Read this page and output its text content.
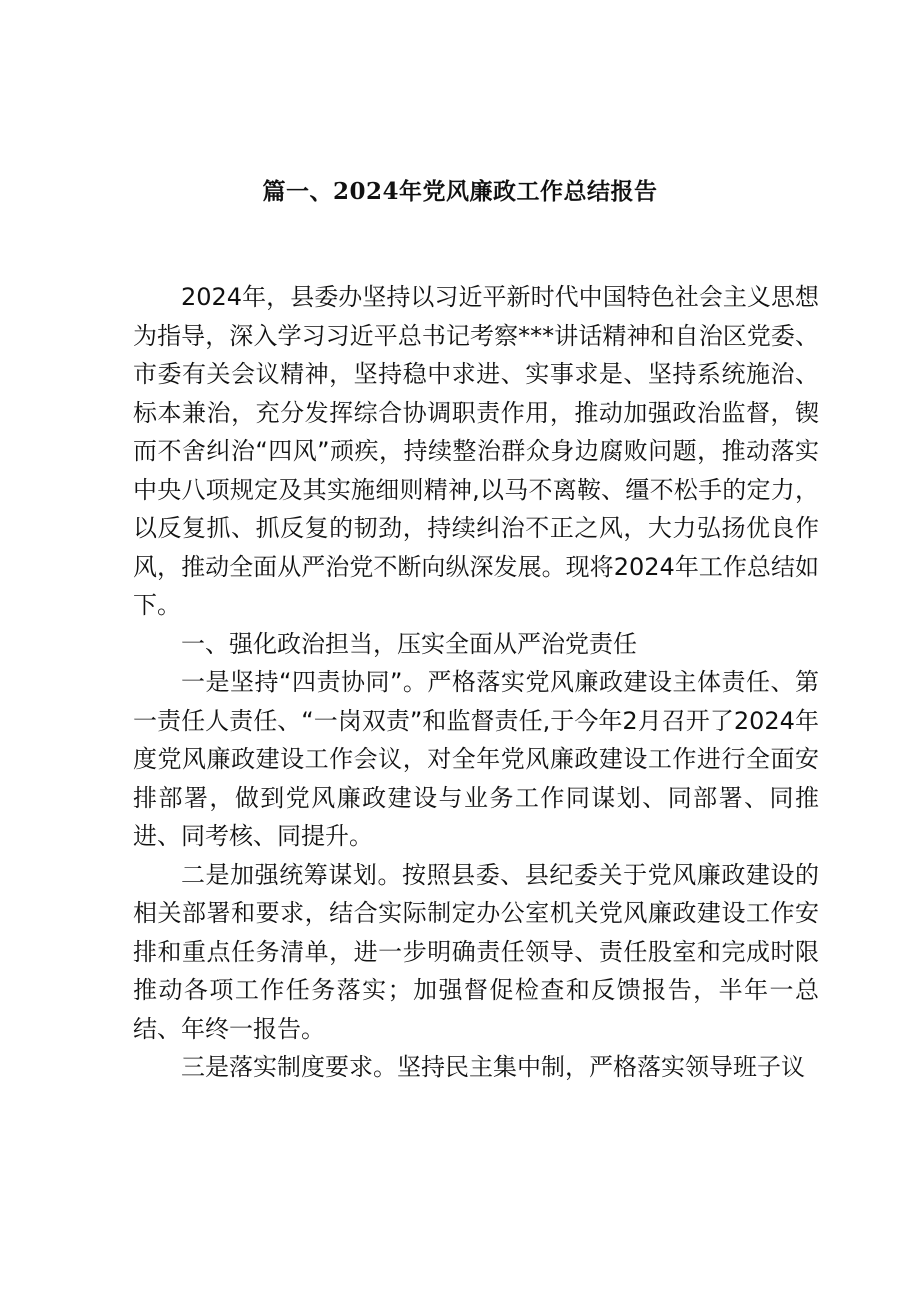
篇一、2024年党风廉政工作总结报告

2024年，县委办坚持以习近平新时代中国特色社会主义思想为指导，深入学习习近平总书记考察***讲话精神和自治区党委、市委有关会议精神，坚持稳中求进、实事求是、坚持系统施治、标本兼治，充分发挥综合协调职责作用，推动加强政治监督，锲而不舍纠治“四风”顽疾，持续整治群众身边腐败问题，推动落实中央八项规定及其实施细则精神,以马不离鞍、缰不松手的定力，以反复抓、抓反复的韧劲，持续纠治不正之风，大力弘扬优良作风，推动全面从严治党不断向纵深发展。现将2024年工作总结如下。

一、强化政治担当，压实全面从严治党责任

一是坚持“四责协同”。严格落实党风廉政建设主体责任、第一责任人责任、“一岗双责”和监督责任,于今年2月召开了2024年度党风廉政建设工作会议，对全年党风廉政建设工作进行全面安排部署，做到党风廉政建设与业务工作同谋划、同部署、同推进、同考核、同提升。

二是加强统筹谋划。按照县委、县纪委关于党风廉政建设的相关部署和要求，结合实际制定办公室机关党风廉政建设工作安排和重点任务清单，进一步明确责任领导、责任股室和完成时限推动各项工作任务落实；加强督促检查和反馈报告，半年一总结、年终一报告。

三是落实制度要求。坚持民主集中制，严格落实领导班子议
